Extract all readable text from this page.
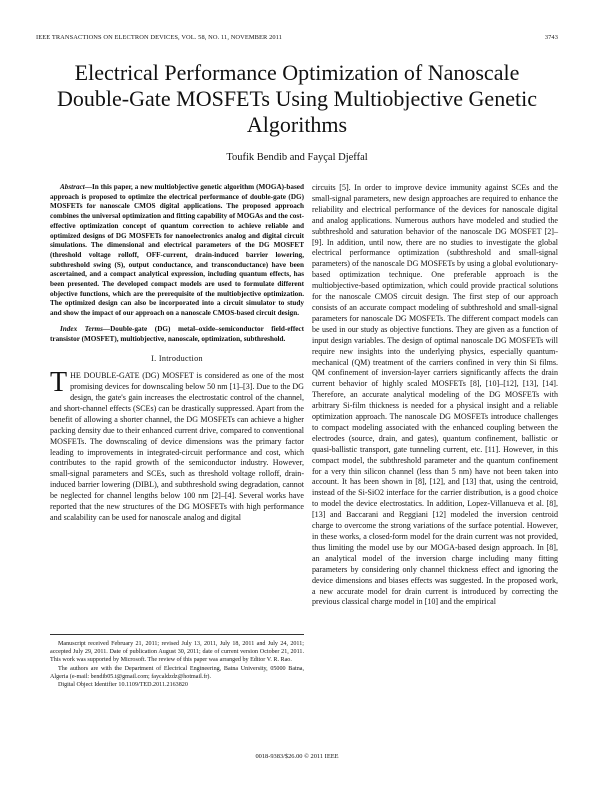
IEEE TRANSACTIONS ON ELECTRON DEVICES, VOL. 58, NO. 11, NOVEMBER 2011	3743
Electrical Performance Optimization of Nanoscale Double-Gate MOSFETs Using Multiobjective Genetic Algorithms
Toufik Bendib and Fayçal Djeffal

Abstract—In this paper, a new multiobjective genetic algorithm (MOGA)-based approach is proposed to optimize the electrical performance of double-gate (DG) MOSFETs for nanoscale CMOS digital applications. The proposed approach combines the universal optimization and fitting capability of MOGAs and the cost-effective optimization concept of quantum correction to achieve reliable and optimized designs of DG MOSFETs for nanoelectronics analog and digital circuit simulations. The dimensional and electrical parameters of the DG MOSFET (threshold voltage rolloff, OFF-current, drain-induced barrier lowering, subthreshold swing (S), output conductance, and transconductance) have been ascertained, and a compact analytical expression, including quantum effects, has been presented. The developed compact models are used to formulate different objective functions, which are the prerequisite of the multiobjective optimization. The optimized design can also be incorporated into a circuit simulator to study and show the impact of our approach on a nanoscale CMOS-based circuit design.

Index Terms—Double-gate (DG) metal–oxide–semiconductor field-effect transistor (MOSFET), multiobjective, nanoscale, optimization, subthreshold.

I. Introduction

THE DOUBLE-GATE (DG) MOSFET is considered as one of the most promising devices for downscaling below 50 nm [1]–[3]. Due to the DG design, the gate's gain increases the electrostatic control of the channel, and short-channel effects (SCEs) can be drastically suppressed. Apart from the benefit of allowing a shorter channel, the DG MOSFETs can achieve a higher packing density due to their enhanced current drive, compared to conventional MOSFETs. The downscaling of device dimensions was the primary factor leading to improvements in integrated-circuit performance and cost, which contributes to the rapid growth of the semiconductor industry. However, small-signal parameters and SCEs, such as threshold voltage rolloff, drain-induced barrier lowering (DIBL), and subthreshold swing degradation, cannot be neglected for channel lengths below 100 nm [2]–[4]. Several works have reported that the new structures of the DG MOSFETs with high performance and scalability can be used for nanoscale analog and digital

circuits [5]. In order to improve device immunity against SCEs and the small-signal parameters, new design approaches are required to enhance the reliability and electrical performance of the devices for nanoscale digital and analog applications. Numerous authors have modeled and studied the subthreshold and saturation behavior of the nanoscale DG MOSFET [2]–[9]. In addition, until now, there are no studies to investigate the global electrical performance optimization (subthreshold and small-signal parameters) of the nanoscale DG MOSFETs by using a global evolutionary-based optimization technique. One preferable approach is the multiobjective-based optimization, which could provide practical solutions for the nanoscale CMOS circuit design. The first step of our approach consists of an accurate compact modeling of subthreshold and small-signal parameters for nanoscale DG MOSFETs. The different compact models can be used in our study as objective functions. They are given as a function of input design variables. The design of optimal nanoscale DG MOSFETs will require new insights into the underlying physics, especially quantum-mechanical (QM) treatment of the carriers confined in very thin Si films. QM confinement of inversion-layer carriers significantly affects the drain current behavior of highly scaled MOSFETs [8], [10]–[12], [13], [14]. Therefore, an accurate analytical modeling of the DG MOSFETs with arbitrary Si-film thickness is needed for a physical insight and a reliable optimization approach. The nanoscale DG MOSFETs introduce challenges to compact modeling associated with the enhanced coupling between the electrodes (source, drain, and gates), quantum confinement, ballistic or quasi-ballistic transport, gate tunneling current, etc. [11]. However, in this compact model, the subthreshold parameter and the quantum confinement for a very thin silicon channel (less than 5 nm) have not been taken into account. It has been shown in [8], [12], and [13] that, using the centroid, instead of the Si-SiO2 interface for the carrier distribution, is a good choice to model the device electrostatics. In addition, Lopez-Villanueva et al. [8], [13] and Baccarani and Reggiani [12] modeled the inversion centroid charge to overcome the strong variations of the surface potential. However, in these works, a closed-form model for the drain current was not provided, thus limiting the model use by our MOGA-based design approach. In [8], an analytical model of the inversion charge including many fitting parameters by considering only channel thickness effect and ignoring the device dimensions and biases effects was suggested. In the proposed work, a new accurate model for drain current is introduced by correcting the previous classical charge model in [10] and the empirical

Manuscript received February 21, 2011; revised July 13, 2011, July 18, 2011 and July 24, 2011; accepted July 29, 2011. Date of publication August 30, 2011; date of current version October 21, 2011. This work was supported by Microsoft. The review of this paper was arranged by Editor V. R. Rao.

The authors are with the Department of Electrical Engineering, Batna University, 05000 Batna, Algeria (e-mail: bendib05.t@gmail.com; faycaldzdz@hotmail.fr).

Digital Object Identifier 10.1109/TED.2011.2163820

0018-9383/$26.00 © 2011 IEEE
